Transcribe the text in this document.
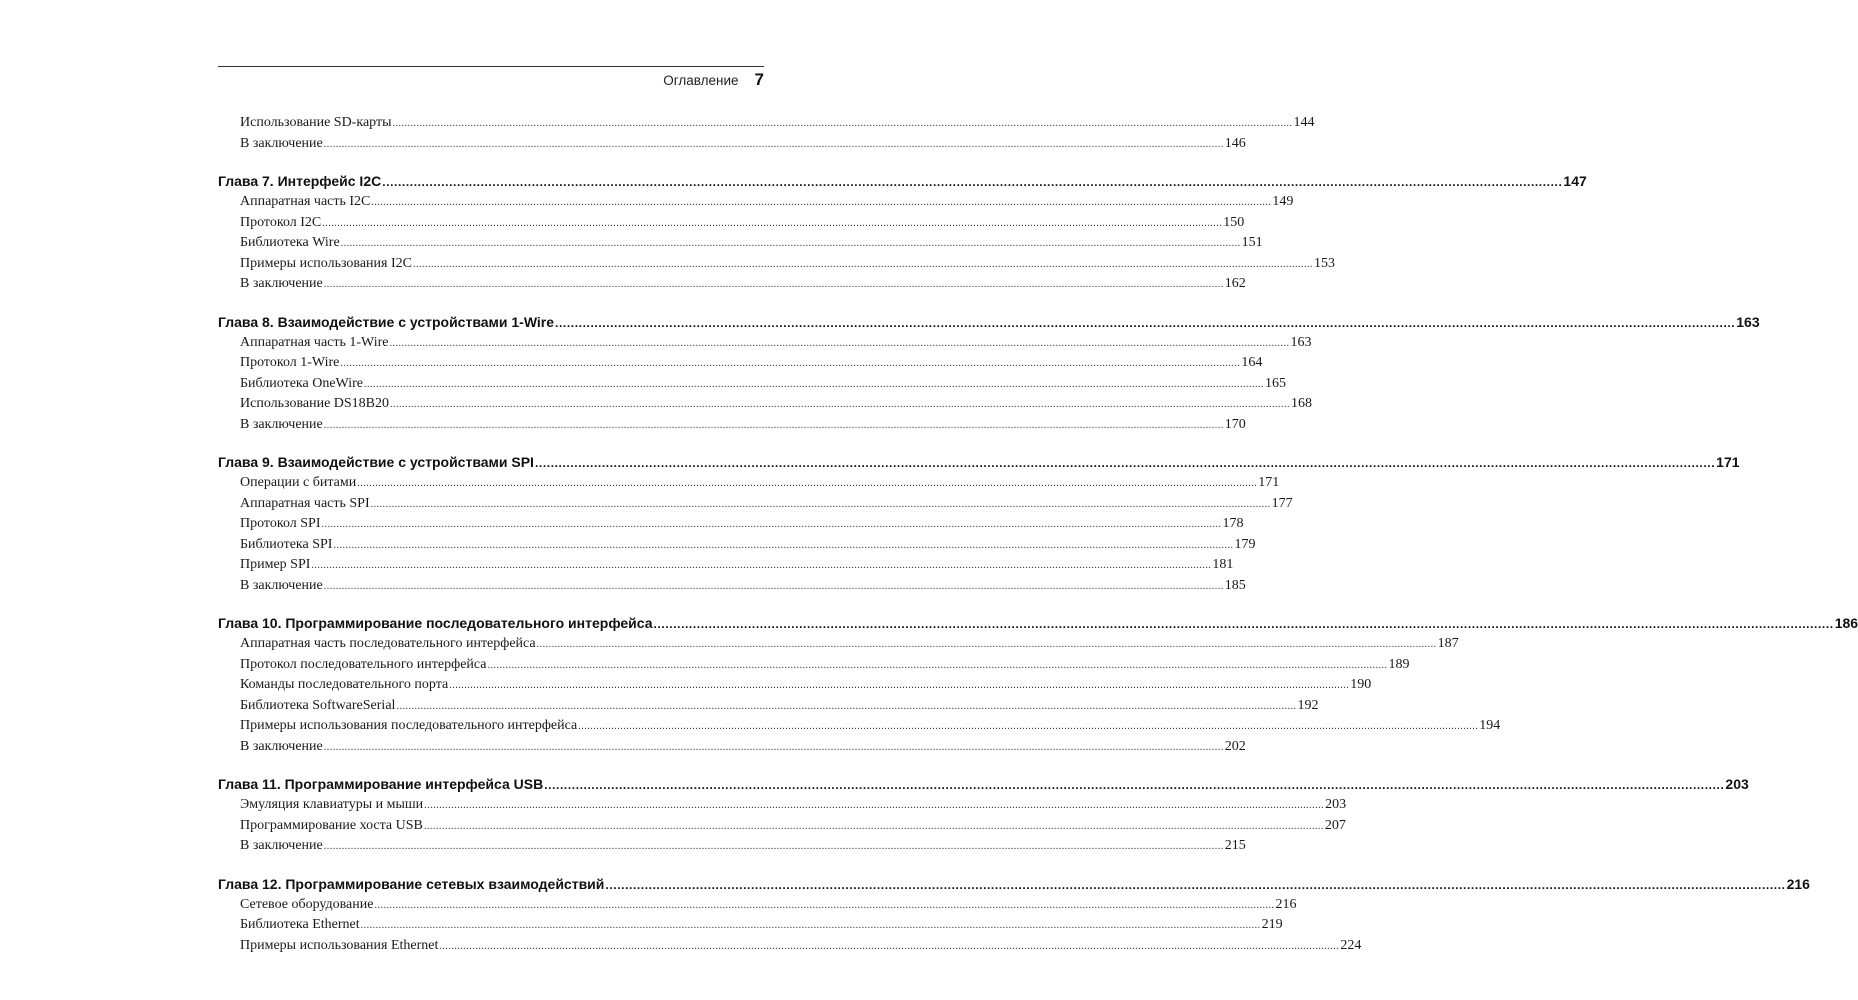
Оглавление 7
Использование SD-карты ............................................................................................................................................................................................................................................................................................................ 144
В заключение ............................................................................................................................................................................................................................................................................................................ 146
Глава 7. Интерфейс I2C ............................................................................................................................................................................................................................................................................................................ 147
Аппаратная часть I2C ............................................................................................................................................................................................................................................................................................................ 149
Протокол I2C ............................................................................................................................................................................................................................................................................................................ 150
Библиотека Wire ............................................................................................................................................................................................................................................................................................................ 151
Примеры использования I2C ............................................................................................................................................................................................................................................................................................................ 153
В заключение ............................................................................................................................................................................................................................................................................................................ 162
Глава 8. Взаимодействие с устройствами 1-Wire ............................................................................................................................................................................................................................................................................................................ 163
Аппаратная часть 1-Wire ............................................................................................................................................................................................................................................................................................................ 163
Протокол 1-Wire ............................................................................................................................................................................................................................................................................................................ 164
Библиотека OneWire ............................................................................................................................................................................................................................................................................................................ 165
Использование DS18B20 ............................................................................................................................................................................................................................................................................................................ 168
В заключение ............................................................................................................................................................................................................................................................................................................ 170
Глава 9. Взаимодействие с устройствами SPI ............................................................................................................................................................................................................................................................................................................ 171
Операции с битами ............................................................................................................................................................................................................................................................................................................ 171
Аппаратная часть SPI ............................................................................................................................................................................................................................................................................................................ 177
Протокол SPI ............................................................................................................................................................................................................................................................................................................ 178
Библиотека SPI ............................................................................................................................................................................................................................................................................................................ 179
Пример SPI ............................................................................................................................................................................................................................................................................................................ 181
В заключение ............................................................................................................................................................................................................................................................................................................ 185
Глава 10. Программирование последовательного интерфейса ............................................................................................................................................................................................................................................................................................................ 186
Аппаратная часть последовательного интерфейса ............................................................................................................................................................................................................................................................................................................ 187
Протокол последовательного интерфейса ............................................................................................................................................................................................................................................................................................................ 189
Команды последовательного порта ............................................................................................................................................................................................................................................................................................................ 190
Библиотека SoftwareSerial ............................................................................................................................................................................................................................................................................................................ 192
Примеры использования последовательного интерфейса ............................................................................................................................................................................................................................................................................................................ 194
В заключение ............................................................................................................................................................................................................................................................................................................ 202
Глава 11. Программирование интерфейса USB ............................................................................................................................................................................................................................................................................................................ 203
Эмуляция клавиатуры и мыши ............................................................................................................................................................................................................................................................................................................ 203
Программирование хоста USB ............................................................................................................................................................................................................................................................................................................ 207
В заключение ............................................................................................................................................................................................................................................................................................................ 215
Глава 12. Программирование сетевых взаимодействий ............................................................................................................................................................................................................................................................................................................ 216
Сетевое оборудование ............................................................................................................................................................................................................................................................................................................ 216
Библиотека Ethernet ............................................................................................................................................................................................................................................................................................................ 219
Примеры использования Ethernet ............................................................................................................................................................................................................................................................................................................ 224
